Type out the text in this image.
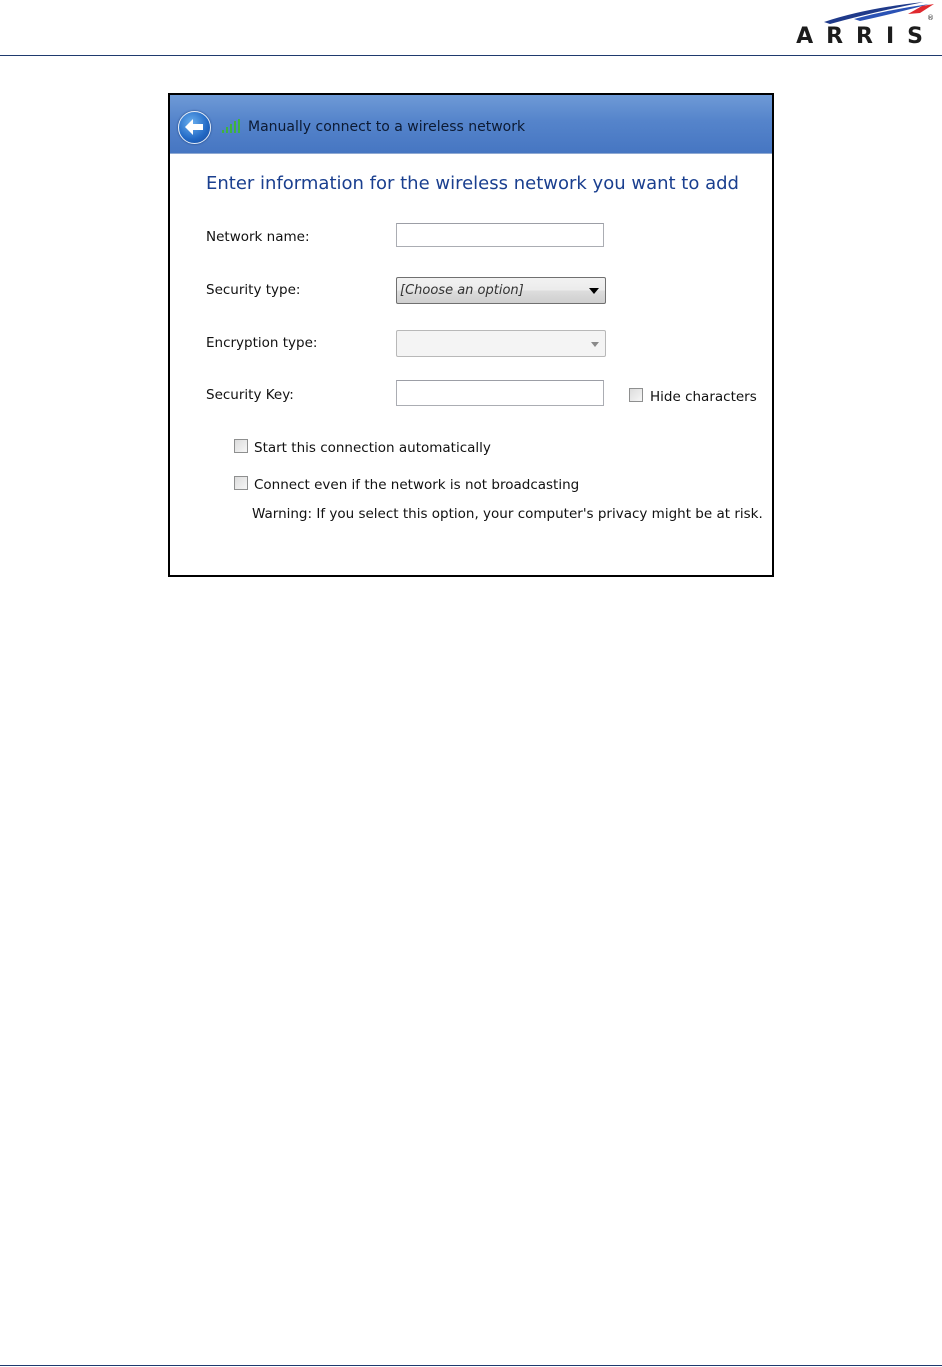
®
ARRIS
Manually connect to a wireless network
Enter information for the wireless network you want to add
Network name:
Security type:	[Choose an option]
Encryption type:
Security Key:	Hide characters
Start this connection automatically
Connect even if the network is not broadcasting
Warning: If you select this option, your computer's privacy might be at risk.
